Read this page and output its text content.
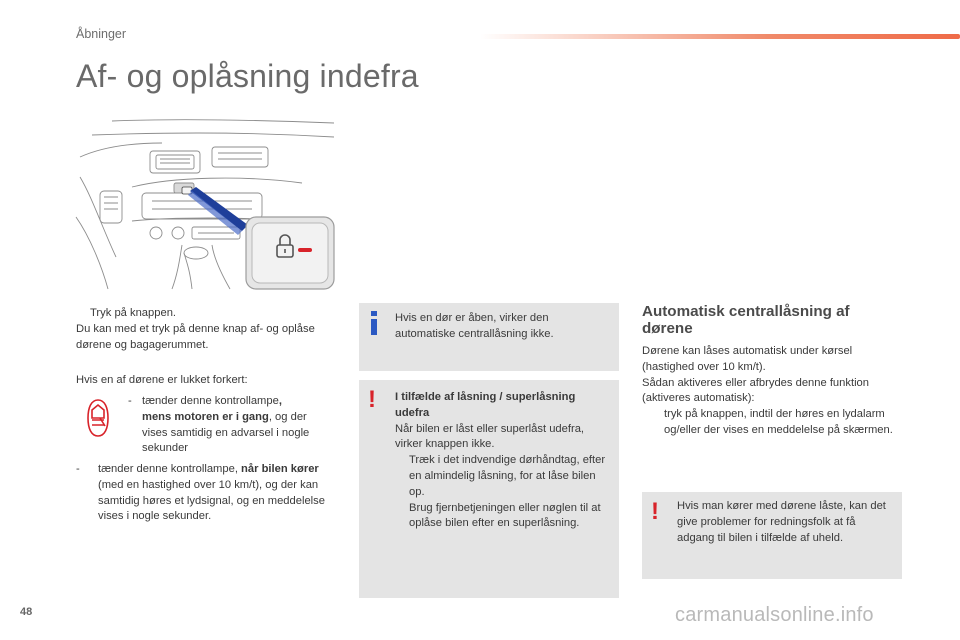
Åbninger
Af- og oplåsning indefra

Tryk på knappen.

Du kan med et tryk på denne knap af- og oplåse dørene og bagagerummet.

Hvis en af dørene er lukket forkert:
- tænder denne kontrollampe,
mens motoren er i gang, og der vises samtidig en advarsel i nogle sekunder
-	tænder denne kontrollampe, når bilen kører (med en hastighed over 10 km/t), og der kan samtidig høres et lydsignal, og en meddelelse vises i nogle sekunder.
Hvis en dør er åben, virker den automatiske centrallåsning ikke.
! I tilfælde af låsning / superlåsning udefra

Når bilen er låst eller superlåst udefra, virker knappen ikke.

Træk i det indvendige dørhåndtag, efter en almindelig låsning, for at låse bilen op.
Brug fjernbetjeningen eller nøglen til at oplåse bilen efter en superlåsning.
Automatisk centrallåsning af dørene

Dørene kan låses automatisk under kørsel (hastighed over 10 km/t).

Sådan aktiveres eller afbrydes denne funktion (aktiveres automatisk):

tryk på knappen, indtil der høres en lydalarm og/eller der vises en meddelelse på skærmen.
! Hvis man kører med dørene låste, kan det give problemer for redningsfolk at få adgang til bilen i tilfælde af uheld.
48	carmanualsonline.info
